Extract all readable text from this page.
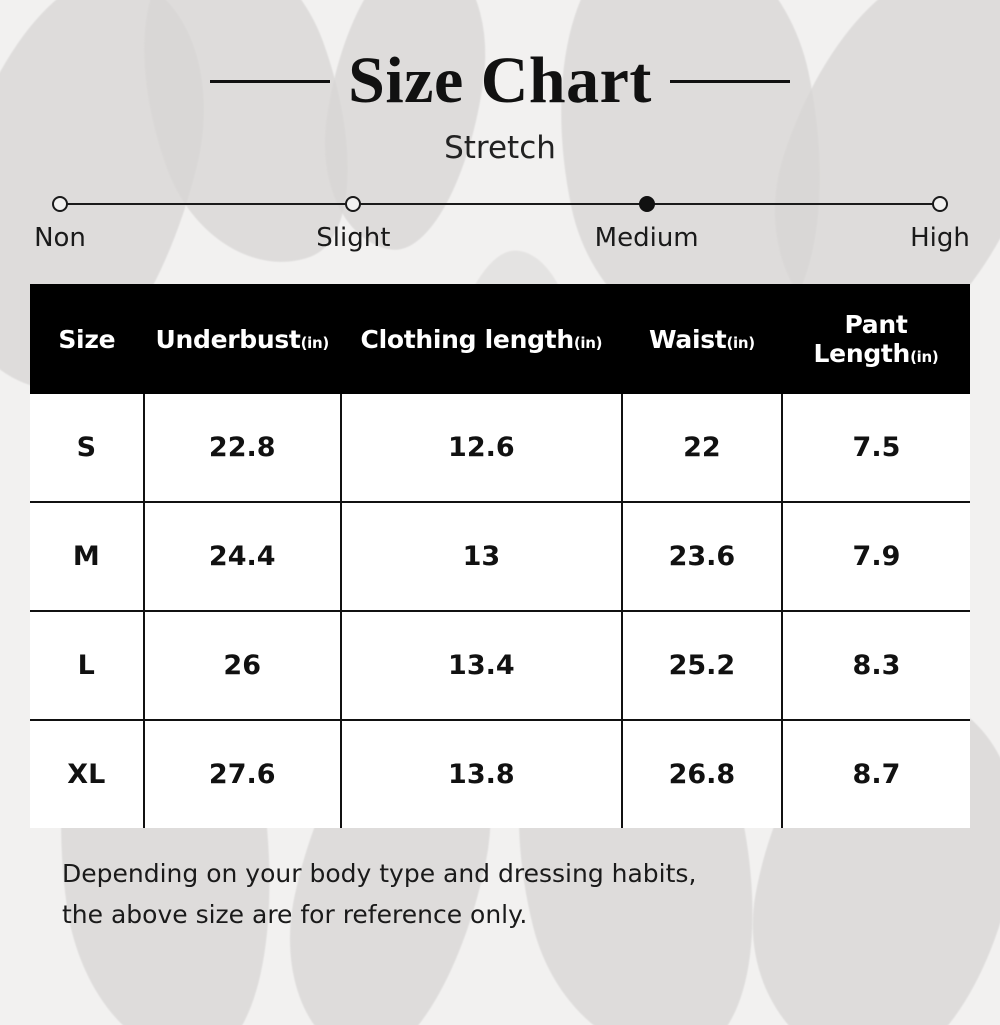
Size Chart
Stretch
Non	Slight	Medium	High
Size	Underbust(in)	Clothing length(in)	Waist(in)	Pant Length(in)
S	22.8	12.6	22	7.5
M	24.4	13	23.6	7.9
L	26	13.4	25.2	8.3
XL	27.6	13.8	26.8	8.7
Depending on your body type and dressing habits,
the above size are for reference only.
